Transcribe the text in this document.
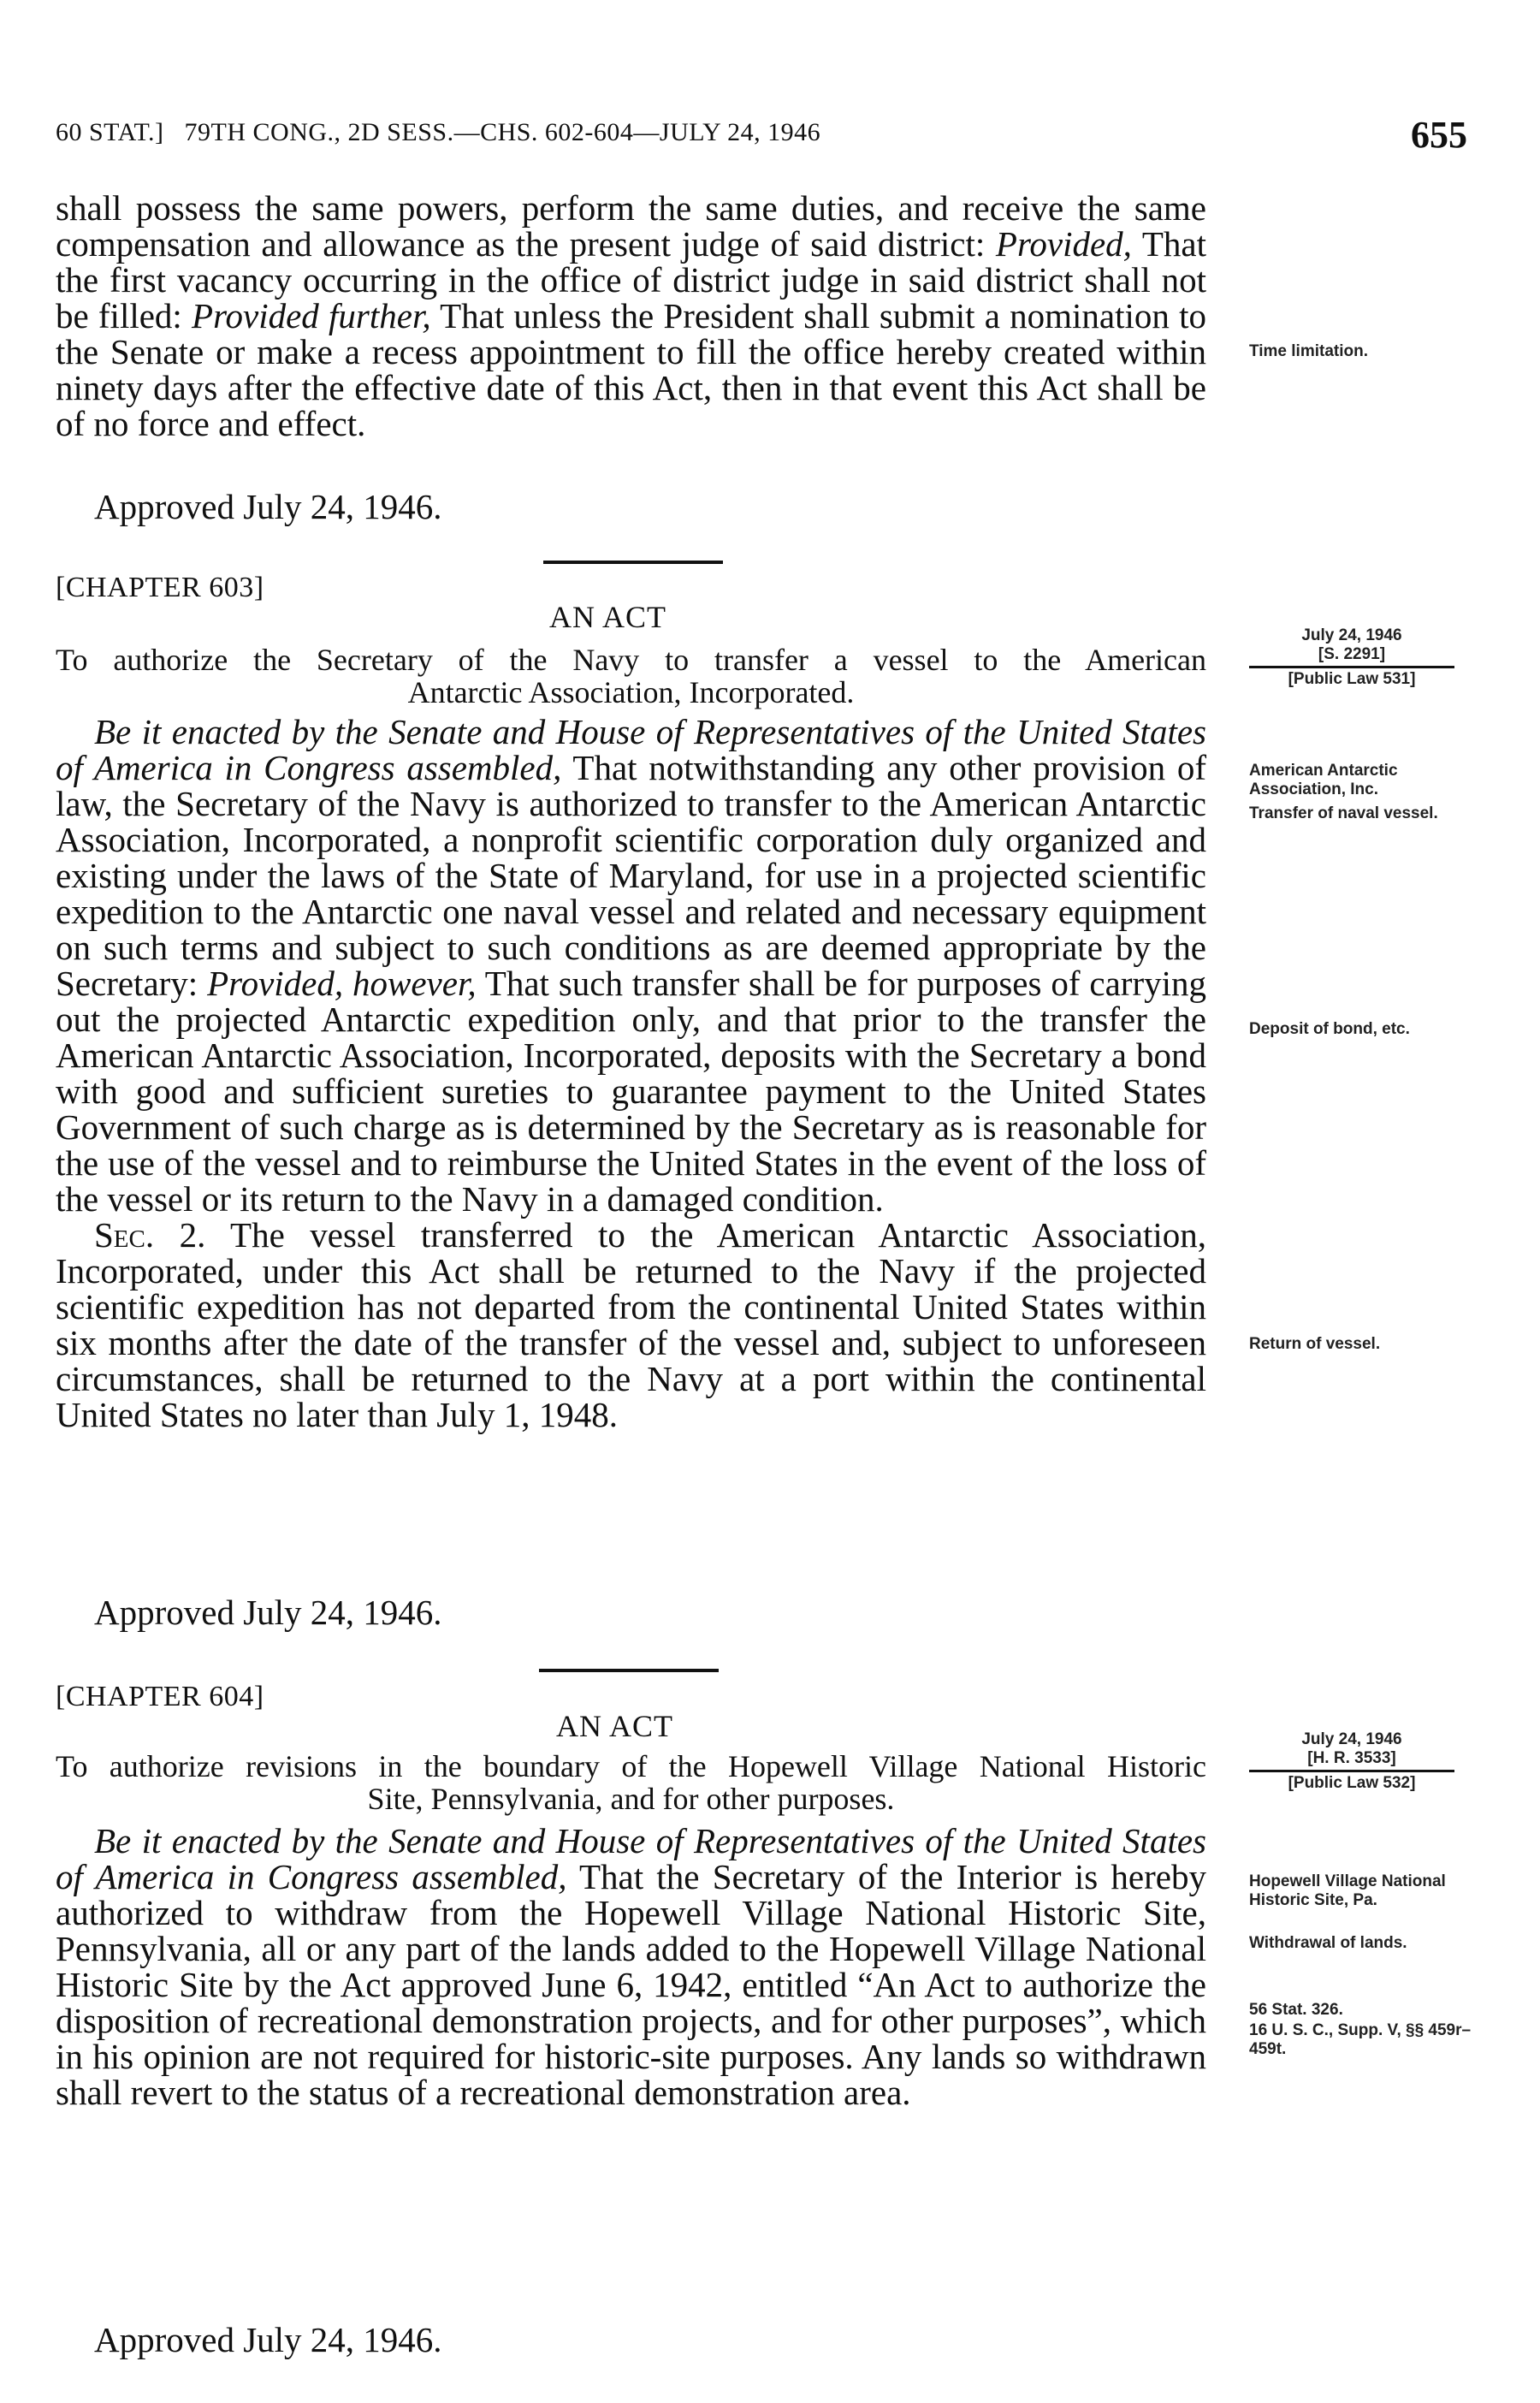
60 STAT.]   79TH CONG., 2D SESS.—CHS. 602-604—JULY 24, 1946	655

shall possess the same powers, perform the same duties, and receive the same compensation and allowance as the present judge of said district: Provided, That the first vacancy occurring in the office of district judge in said district shall not be filled: Provided further, That unless the President shall submit a nomination to the Senate or make a recess appointment to fill the office hereby created within ninety days after the effective date of this Act, then in that event this Act shall be of no force and effect.

Approved July 24, 1946.
[CHAPTER 603]
AN ACT
To authorize the Secretary of the Navy to transfer a vessel to the American
Antarctic Association, Incorporated.

Be it enacted by the Senate and House of Representatives of the United States of America in Congress assembled, That notwithstanding any other provision of law, the Secretary of the Navy is authorized to transfer to the American Antarctic Association, Incorporated, a nonprofit scientific corporation duly organized and existing under the laws of the State of Maryland, for use in a projected scientific expedition to the Antarctic one naval vessel and related and necessary equipment on such terms and subject to such conditions as are deemed appropriate by the Secretary: Provided, however, That such transfer shall be for purposes of carrying out the projected Antarctic expedition only, and that prior to the transfer the American Antarctic Association, Incorporated, deposits with the Secretary a bond with good and sufficient sureties to guarantee payment to the United States Government of such charge as is determined by the Secretary as is reasonable for the use of the vessel and to reimburse the United States in the event of the loss of the vessel or its return to the Navy in a damaged condition.

Sec. 2. The vessel transferred to the American Antarctic Association, Incorporated, under this Act shall be returned to the Navy if the projected scientific expedition has not departed from the continental United States within six months after the date of the transfer of the vessel and, subject to unforeseen circumstances, shall be returned to the Navy at a port within the continental United States no later than July 1, 1948.

Approved July 24, 1946.
[CHAPTER 604]
AN ACT
To authorize revisions in the boundary of the Hopewell Village National Historic
Site, Pennsylvania, and for other purposes.

Be it enacted by the Senate and House of Representatives of the United States of America in Congress assembled, That the Secretary of the Interior is hereby authorized to withdraw from the Hopewell Village National Historic Site, Pennsylvania, all or any part of the lands added to the Hopewell Village National Historic Site by the Act approved June 6, 1942, entitled “An Act to authorize the disposition of recreational demonstration projects, and for other purposes”, which in his opinion are not required for historic-site purposes. Any lands so withdrawn shall revert to the status of a recreational demonstration area.

Approved July 24, 1946.
Time limitation.
July 24, 1946
[S. 2291]
[Public Law 531]
American Antarctic Association, Inc.
Transfer of naval vessel.
Deposit of bond, etc.
Return of vessel.
July 24, 1946
[H. R. 3533]
[Public Law 532]
Hopewell Village National Historic Site, Pa.
Withdrawal of lands.
56 Stat. 326.
16 U. S. C., Supp. V, §§ 459r–459t.
